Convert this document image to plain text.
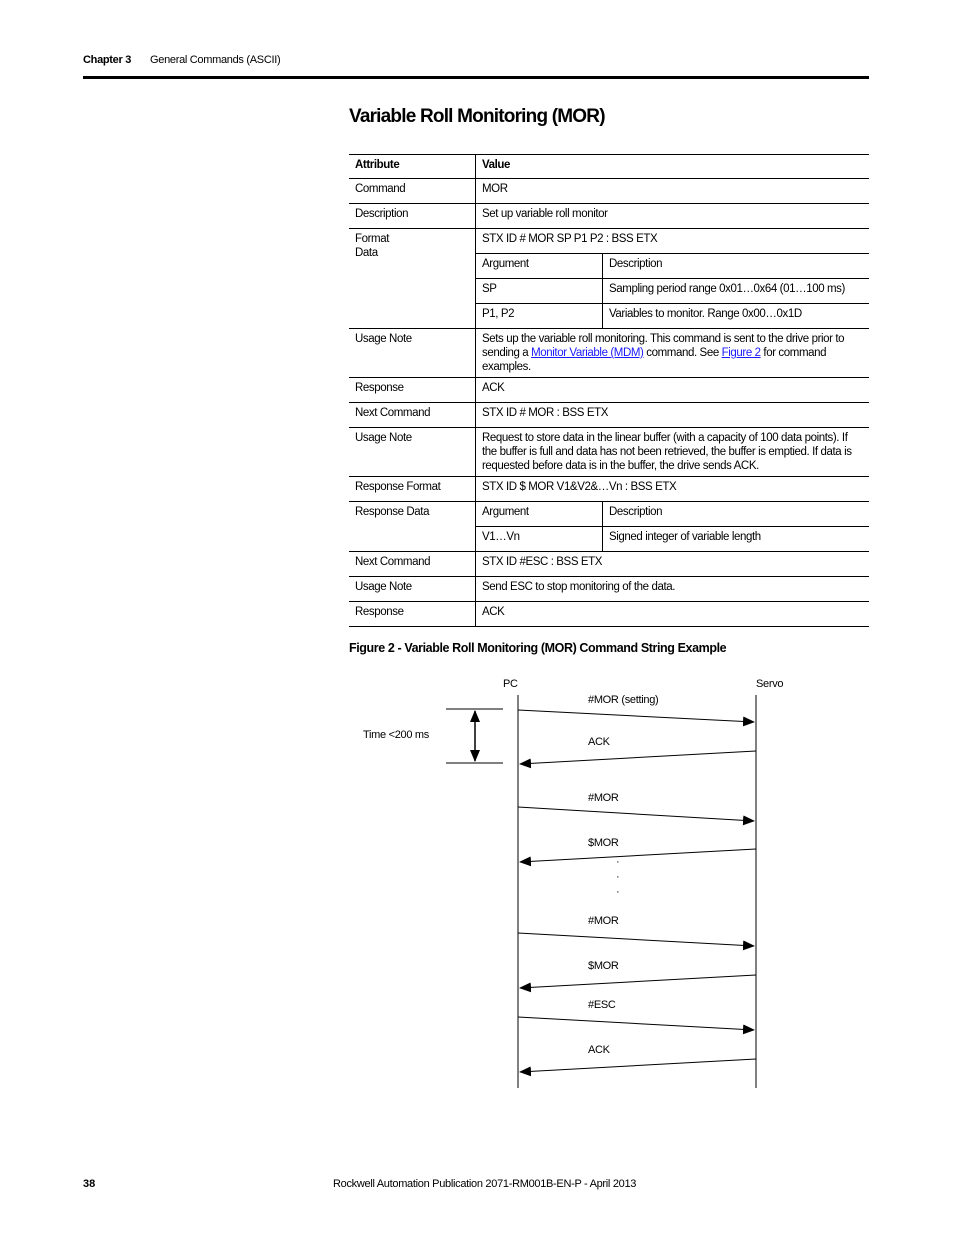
Chapter 3 General Commands (ASCII)
Variable Roll Monitoring (MOR)
Attribute	Value	
Command	MOR	
Description	Set up variable roll monitor	

Format
Data	STX ID # MOR SP P1 P2 : BSS ETX	
	Argument	Description
	SP	Sampling period range 0x01…0x64 (01…100 ms)
	P1, P2	Variables to monitor. Range 0x00…0x1D
Usage Note	Sets up the variable roll monitoring. This command is sent to the drive prior to sending a Monitor Variable (MDM) command. See Figure 2 for command examples.	
Response	ACK	
Next Command	STX ID # MOR : BSS ETX	
Usage Note	Request to store data in the linear buffer (with a capacity of 100 data points). If the buffer is full and data has not been retrieved, the buffer is emptied. If data is requested before data is in the buffer, the drive sends ACK.	
Response Format	STX ID $ MOR V1&V2&…Vn : BSS ETX	
Response Data	Argument	Description
	V1…Vn	Signed integer of variable length
Next Command	STX ID #ESC : BSS ETX	
Usage Note	Send ESC to stop monitoring of the data.	
Response	ACK	

Figure 2 - Variable Roll Monitoring (MOR) Command String Example

PC	Servo
Time <200 ms
#MOR (setting)
ACK
#MOR
$MOR
·
·
·
#MOR
$MOR
#ESC
ACK
38	Rockwell Automation Publication 2071-RM001B-EN-P - April 2013
